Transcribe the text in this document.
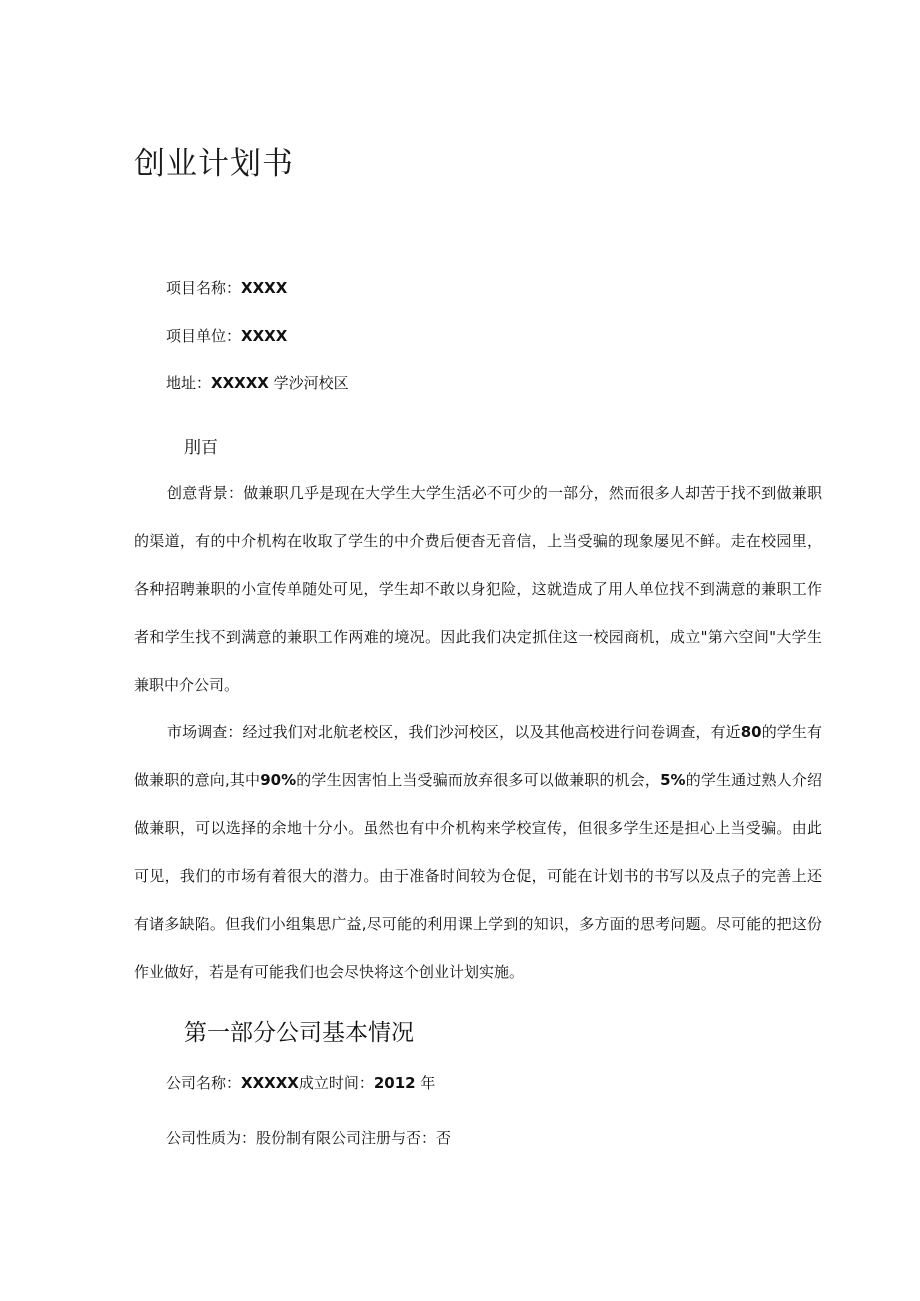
创业计划书
项目名称：XXXX
项目单位：XXXX
地址：XXXXX 学沙河校区
刖百

创意背景：做兼职几乎是现在大学生大学生活必不可少的一部分，然而很多人却苦于找不到做兼职的渠道，有的中介机构在收取了学生的中介费后便杳无音信，上当受骗的现象屡见不鲜。走在校园里，各种招聘兼职的小宣传单随处可见，学生却不敢以身犯险，这就造成了用人单位找不到满意的兼职工作者和学生找不到满意的兼职工作两难的境况。因此我们决定抓住这一校园商机，成立"第六空间"大学生兼职中介公司。

市场调查：经过我们对北航老校区，我们沙河校区，以及其他高校进行问卷调查，有近80的学生有做兼职的意向,其中90%的学生因害怕上当受骗而放弃很多可以做兼职的机会，5%的学生通过熟人介绍做兼职，可以选择的余地十分小。虽然也有中介机构来学校宣传，但很多学生还是担心上当受骗。由此可见，我们的市场有着很大的潜力。由于准备时间较为仓促，可能在计划书的书写以及点子的完善上还有诸多缺陷。但我们小组集思广益,尽可能的利用课上学到的知识，多方面的思考问题。尽可能的把这份作业做好，若是有可能我们也会尽快将这个创业计划实施。

第一部分公司基本情况
公司名称：XXXXX成立时间：2012 年
公司性质为：股份制有限公司注册与否：否
